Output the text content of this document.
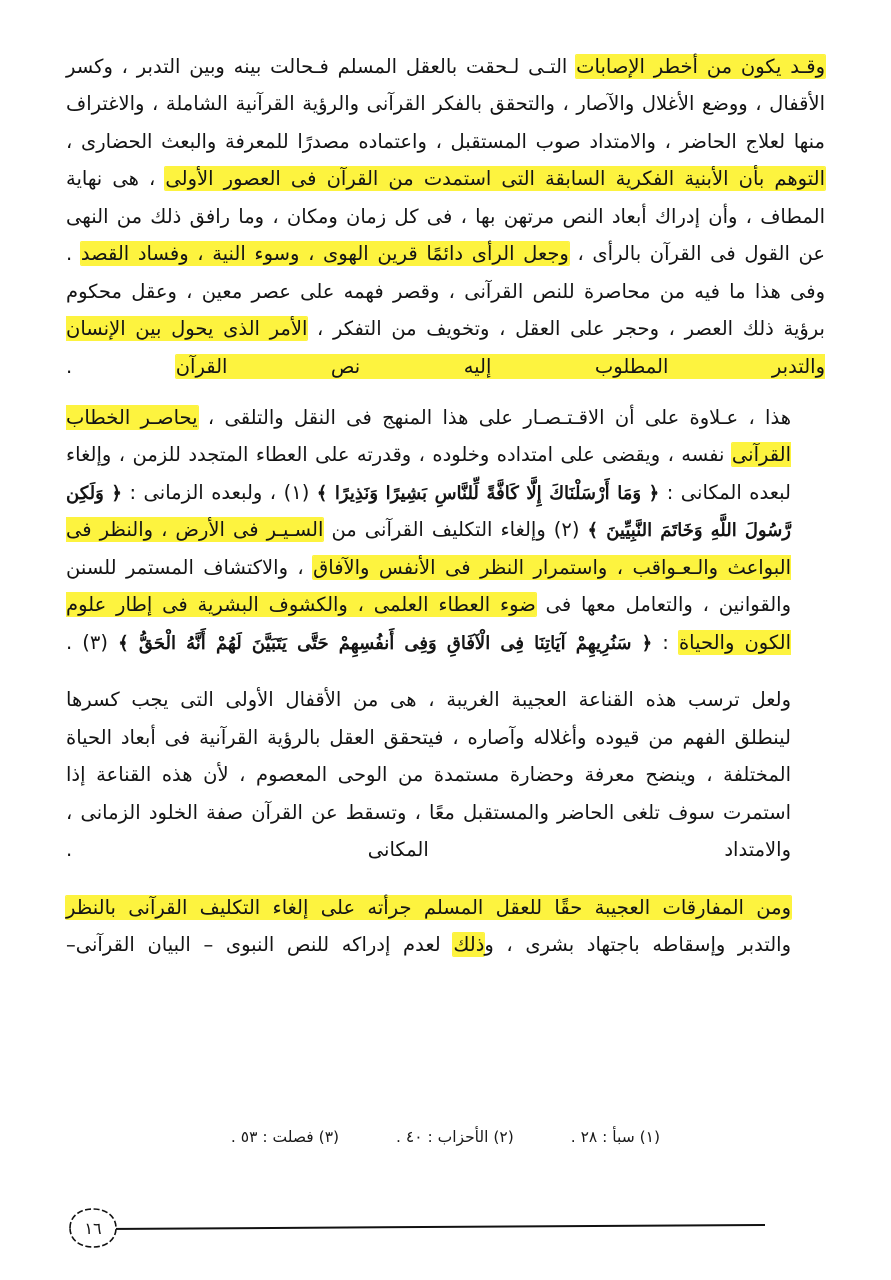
وقـد يكون من أخطر الإصابات التـى لـحقت بالعقل المسلم فـحالت بينه وبين التدبر ، وكسر الأقفال ، ووضع الأغلال والآصار ، والتحقق بالفكر القرآنى والرؤية القرآنية الشاملة ، والاغتراف منها لعلاج الحاضر ، والامتداد صوب المستقبل ، واعتماده مصدرًا للمعرفة والبعث الحضارى ، التوهم بأن الأبنية الفكرية السابقة التى استمدت من القرآن فى العصور الأولى ، هى نهاية المطاف ، وأن إدراك أبعاد النص مرتهن بها ، فى كل زمان ومكان ، وما رافق ذلك من النهى عن القول فى القرآن بالرأى ، وجعل الرأى دائمًا قرين الهوى ، وسوء النية ، وفساد القصد . وفى هذا ما فيه من محاصرة للنص القرآنى ، وقصر فهمه على عصر معين ، وعقل محكوم برؤية ذلك العصر ، وحجر على العقل ، وتخويف من التفكر ، الأمر الذى يحول بين الإنسان والتدبر المطلوب إليه نص القرآن .

هذا ، عـلاوة على أن الاقـتـصـار على هذا المنهج فى النقل والتلقى ، يحاصـر الخطاب القرآنى نفسه ، ويقضى على امتداده وخلوده ، وقدرته على العطاء المتجدد للزمن ، وإلغاء لبعده المكانى : ﴿ وَمَا أَرْسَلْنَاكَ إِلَّا كَافَّةً لِّلنَّاسِ بَشِيرًا وَنَذِيرًا ﴾ (١) ، ولبعده الزمانى : ﴿ وَلَكِن رَّسُولَ اللَّهِ وَخَاتَمَ النَّبِيِّينَ ﴾ (٢) وإلغاء التكليف القرآنى من السـيـر فى الأرض ، والنظر فى البواعث والـعـواقب ، واستمرار النظر فى الأنفس والآفاق ، والاكتشاف المستمر للسنن والقوانين ، والتعامل معها فى ضوء العطاء العلمى ، والكشوف البشرية فى إطار علوم الكون والحياة : ﴿ سَنُرِيهِمْ آيَاتِنَا فِى الْآفَاقِ وَفِى أَنفُسِهِمْ حَتَّى يَتَبَيَّنَ لَهُمْ أَنَّهُ الْحَقُّ ﴾ (٣) .

ولعل ترسب هذه القناعة العجيبة الغريبة ، هى من الأقفال الأولى التى يجب كسرها لينطلق الفهم من قيوده وأغلاله وآصاره ، فيتحقق العقل بالرؤية القرآنية فى أبعاد الحياة المختلفة ، وينضح معرفة وحضارة مستمدة من الوحى المعصوم ، لأن هذه القناعة إذا استمرت سوف تلغى الحاضر والمستقبل معًا ، وتسقط عن القرآن صفة الخلود الزمانى ، والامتداد المكانى .

ومن المفارقات العجيبة حقًا للعقل المسلم جرأته على إلغاء التكليف القرآنى بالنظر والتدبر وإسقاطه باجتهاد بشرى ، وذلك لعدم إدراكه للنص النبوى – البيان القرآنى–

(١) سبأ : ٢٨ . (٢) الأحزاب : ٤٠ . (٣) فصلت : ٥٣ .
١٦
